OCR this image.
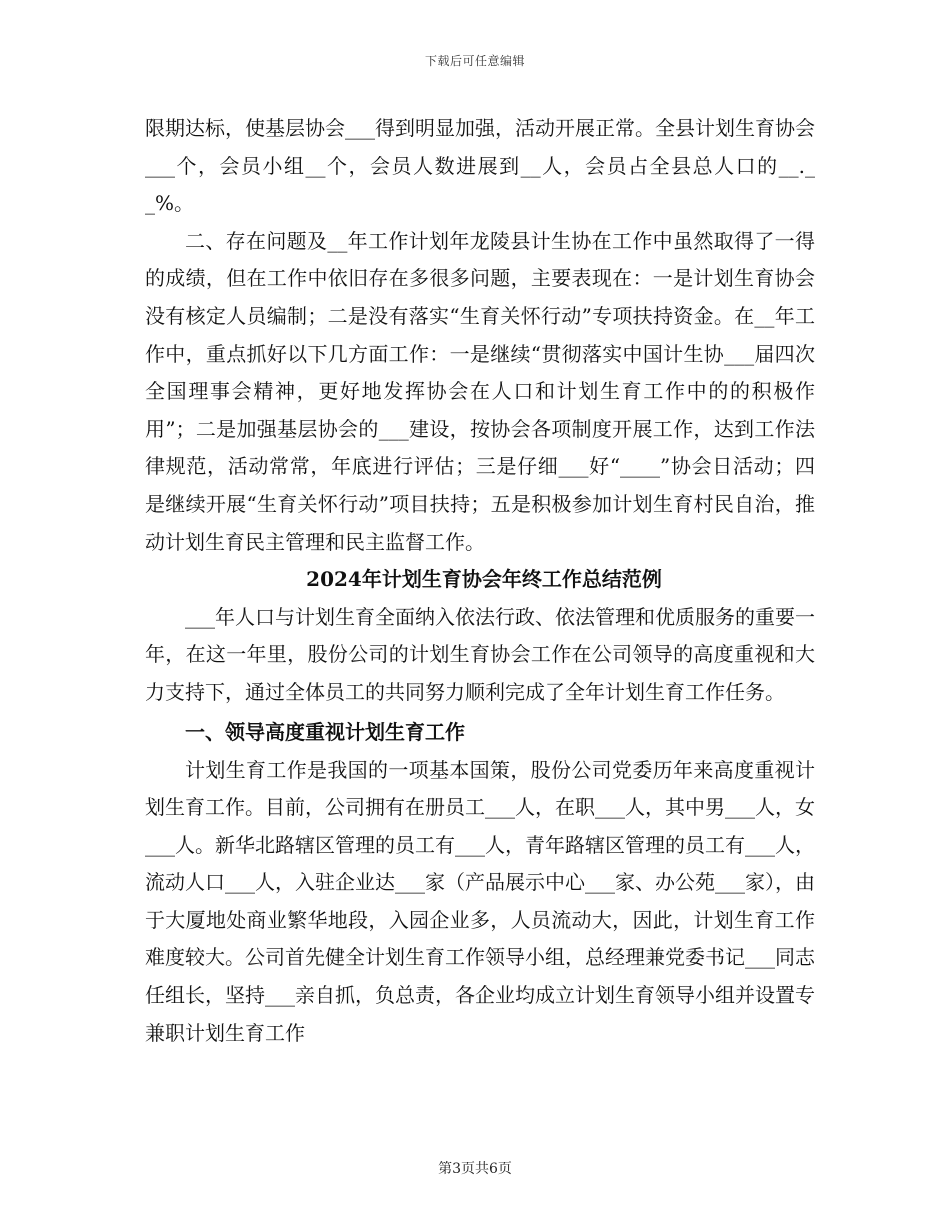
下载后可任意编辑

限期达标，使基层协会___得到明显加强，活动开展正常。全县计划生育协会___个，会员小组__个，会员人数进展到__人，会员占全县总人口的__.__%。

二、存在问题及__年工作计划年龙陵县计生协在工作中虽然取得了一得的成绩，但在工作中依旧存在多很多问题，主要表现在：一是计划生育协会没有核定人员编制；二是没有落实“生育关怀行动”专项扶持资金。在__年工作中，重点抓好以下几方面工作：一是继续“贯彻落实中国计生协___届四次全国理事会精神，更好地发挥协会在人口和计划生育工作中的的积极作用”；二是加强基层协会的___建设，按协会各项制度开展工作，达到工作法律规范，活动常常，年底进行评估；三是仔细___好“____”协会日活动；四是继续开展“生育关怀行动”项目扶持；五是积极参加计划生育村民自治，推动计划生育民主管理和民主监督工作。

2024年计划生育协会年终工作总结范例

___年人口与计划生育全面纳入依法行政、依法管理和优质服务的重要一年，在这一年里，股份公司的计划生育协会工作在公司领导的高度重视和大力支持下，通过全体员工的共同努力顺利完成了全年计划生育工作任务。

一、领导高度重视计划生育工作

计划生育工作是我国的一项基本国策，股份公司党委历年来高度重视计划生育工作。目前，公司拥有在册员工___人，在职___人，其中男___人，女___人。新华北路辖区管理的员工有___人，青年路辖区管理的员工有___人，流动人口___人，入驻企业达___家（产品展示中心___家、办公苑___家），由于大厦地处商业繁华地段，入园企业多，人员流动大，因此，计划生育工作难度较大。公司首先健全计划生育工作领导小组，总经理兼党委书记___同志任组长，坚持___亲自抓，负总责，各企业均成立计划生育领导小组并设置专兼职计划生育工作

第3页共6页
